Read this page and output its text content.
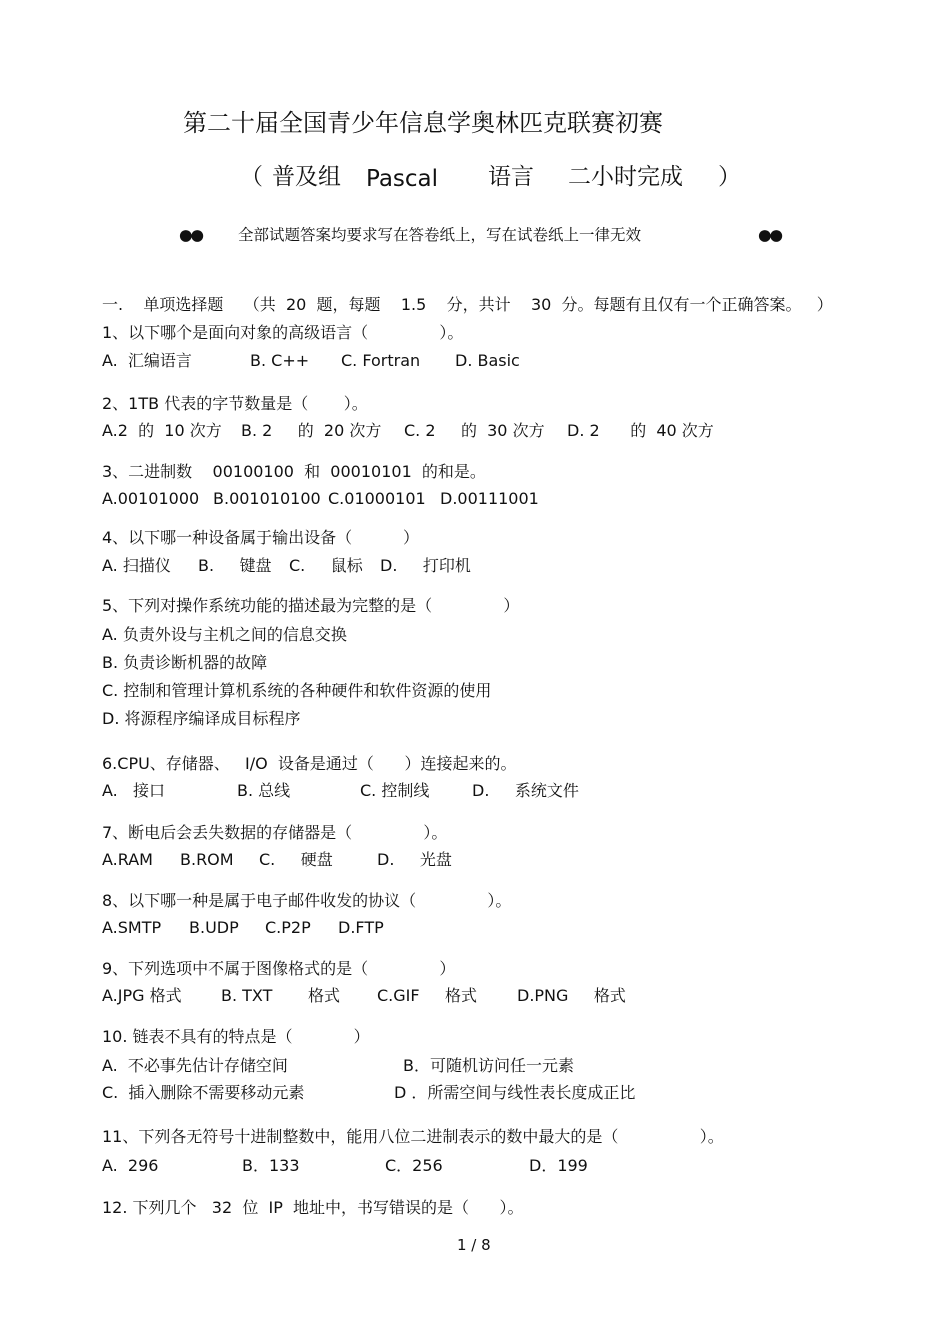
第二十届全国青少年信息学奥林匹克联赛初赛
（ 普及组 Pascal 语言 二小时完成 ）
●● 全部试题答案均要求写在答卷纸上，写在试卷纸上一律无效	●●
一.    单项选择题    （共  20  题，每题    1.5    分，共计    30  分。每题有且仅有一个正确答案。   ）
1、以下哪个是面向对象的高级语言（              ）。
A.  汇编语言	B. C++ C. Fortran D. Basic
2、1TB 代表的字节数量是（       ）。
A.2  的  10 次方 B. 2     的  20 次方 C. 2     的  30 次方 D. 2      的  40 次方
3、二进制数    00100100  和  00010101  的和是。
A.00101000 B.001010100 C.01000101 D.00111001
4、以下哪一种设备属于输出设备（          ）
A. 扫描仪 B.     键盘 C.     鼠标 D.     打印机
5、下列对操作系统功能的描述最为完整的是（              ）
A. 负责外设与主机之间的信息交换
B. 负责诊断机器的故障
C. 控制和管理计算机系统的各种硬件和软件资源的使用
D. 将源程序编译成目标程序
6.CPU、存储器、   I/O  设备是通过（      ）连接起来的。
A.   接口	B. 总线	C. 控制线	D.     系统文件
7、断电后会丢失数据的存储器是（              ）。
A.RAM B.ROM C.     硬盘	D.     光盘
8、以下哪一种是属于电子邮件收发的协议（              ）。
A.SMTP B.UDP C.P2P D.FTP
9、下列选项中不属于图像格式的是（              ）
A.JPG 格式 B. TXT       格式 C.GIF     格式 D.PNG     格式
10. 链表不具有的特点是（            ）
A.  不必事先估计存储空间	B．可随机访问任一元素
C.  插入删除不需要移动元素	D ．所需空间与线性表长度成正比
11、下列各无符号十进制整数中，能用八位二进制表示的数中最大的是（                ）。
A.  296	B．133	C．256	D．199
12. 下列几个   32  位  IP  地址中，书写错误的是（      ）。
1 / 8
